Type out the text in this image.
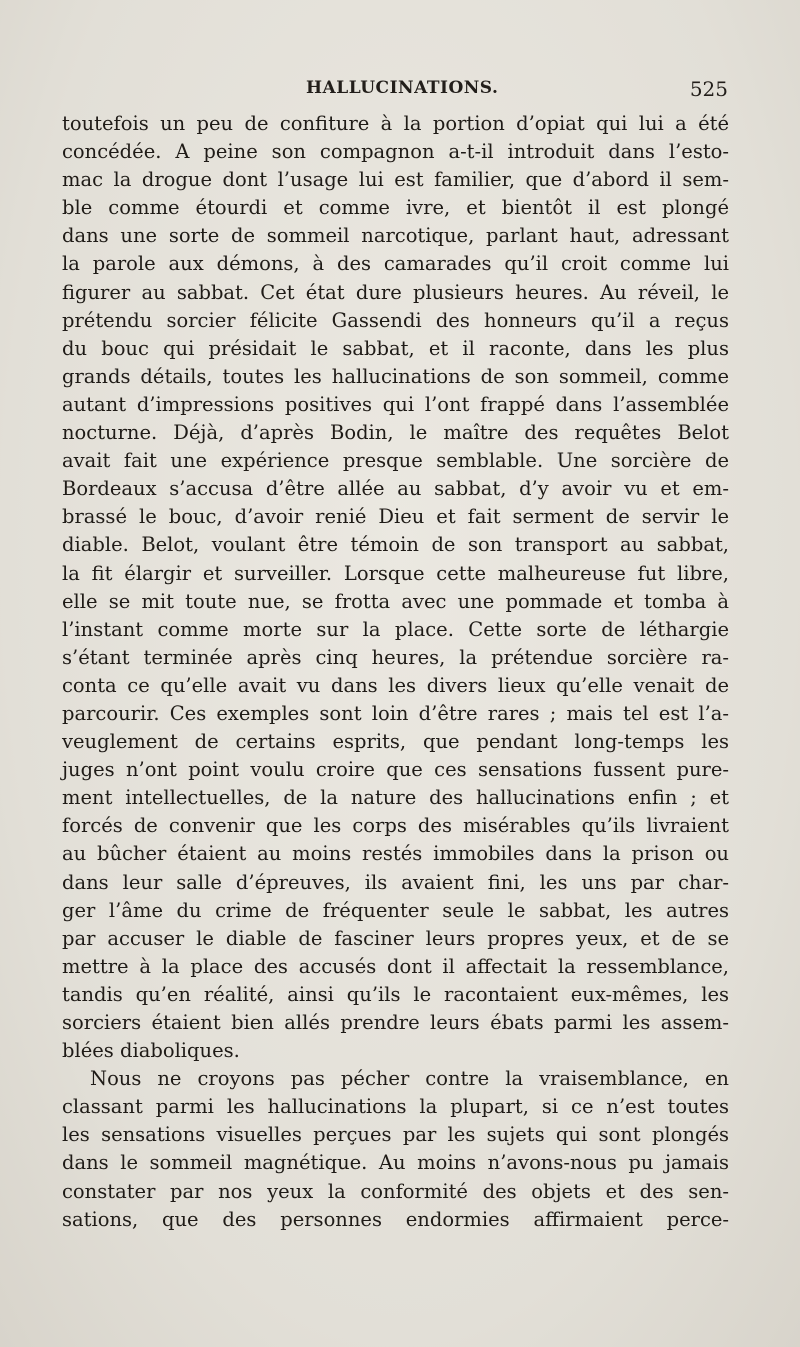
HALLUCINATIONS.	525
toutefois un peu de confiture à la portion d’opiat qui lui a été
concédée. A peine son compagnon a-t-il introduit dans l’esto-
mac la drogue dont l’usage lui est familier, que d’abord il sem-
ble comme étourdi et comme ivre, et bientôt il est plongé
dans une sorte de sommeil narcotique, parlant haut, adressant
la parole aux démons, à des camarades qu’il croit comme lui
figurer au sabbat. Cet état dure plusieurs heures. Au réveil, le
prétendu sorcier félicite Gassendi des honneurs qu’il a reçus
du bouc qui présidait le sabbat, et il raconte, dans les plus
grands détails, toutes les hallucinations de son sommeil, comme
autant d’impressions positives qui l’ont frappé dans l’assemblée
nocturne. Déjà, d’après Bodin, le maître des requêtes Belot
avait fait une expérience presque semblable. Une sorcière de
Bordeaux s’accusa d’être allée au sabbat, d’y avoir vu et em-
brassé le bouc, d’avoir renié Dieu et fait serment de servir le
diable. Belot, voulant être témoin de son transport au sabbat,
la fit élargir et surveiller. Lorsque cette malheureuse fut libre,
elle se mit toute nue, se frotta avec une pommade et tomba à
l’instant comme morte sur la place. Cette sorte de léthargie
s’étant terminée après cinq heures, la prétendue sorcière ra-
conta ce qu’elle avait vu dans les divers lieux qu’elle venait de
parcourir. Ces exemples sont loin d’être rares ; mais tel est l’a-
veuglement de certains esprits, que pendant long-temps les
juges n’ont point voulu croire que ces sensations fussent pure-
ment intellectuelles, de la nature des hallucinations enfin ; et
forcés de convenir que les corps des misérables qu’ils livraient
au bûcher étaient au moins restés immobiles dans la prison ou
dans leur salle d’épreuves, ils avaient fini, les uns par char-
ger l’âme du crime de fréquenter seule le sabbat, les autres
par accuser le diable de fasciner leurs propres yeux, et de se
mettre à la place des accusés dont il affectait la ressemblance,
tandis qu’en réalité, ainsi qu’ils le racontaient eux-mêmes, les
sorciers étaient bien allés prendre leurs ébats parmi les assem-
blées diaboliques.
Nous ne croyons pas pécher contre la vraisemblance, en
classant parmi les hallucinations la plupart, si ce n’est toutes
les sensations visuelles perçues par les sujets qui sont plongés
dans le sommeil magnétique. Au moins n’avons-nous pu jamais
constater par nos yeux la conformité des objets et des sen-
sations, que des personnes endormies affirmaient perce-
